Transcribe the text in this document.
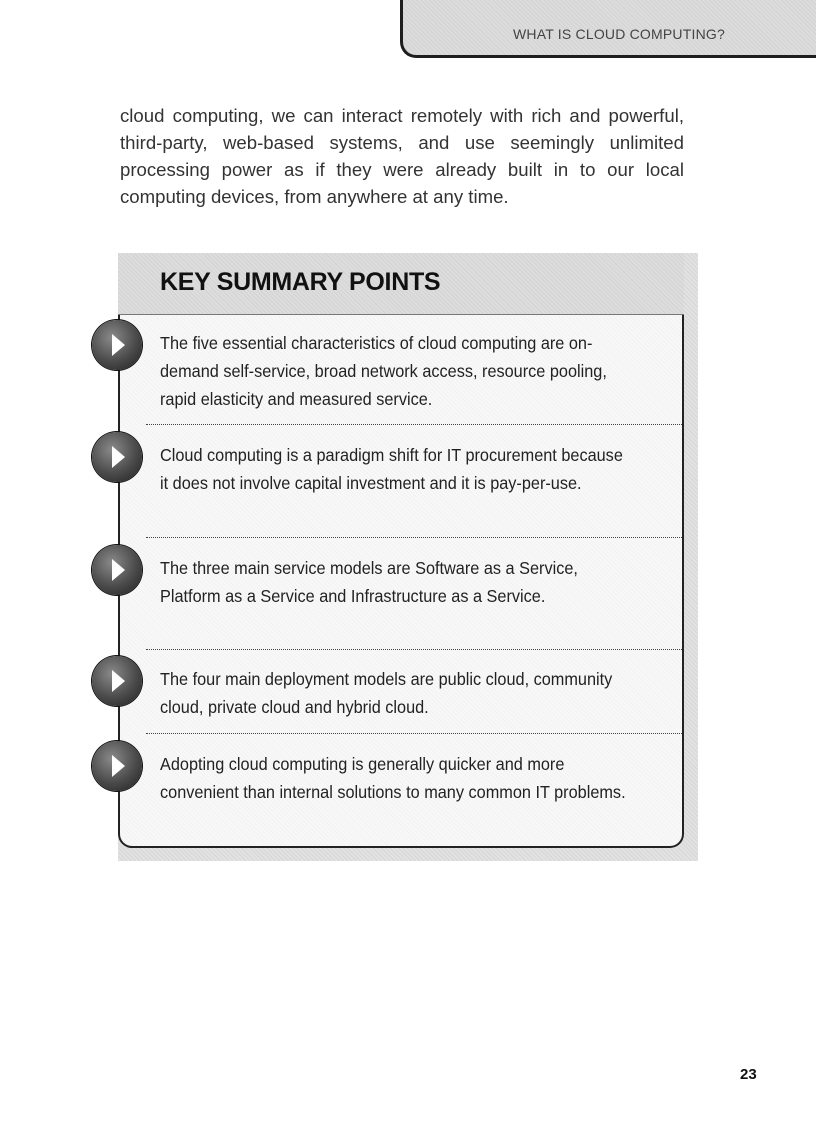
WHAT IS CLOUD COMPUTING?

cloud computing, we can interact remotely with rich and powerful, third-party, web-based systems, and use seemingly unlimited processing power as if they were already built in to our local computing devices, from anywhere at any time.

KEY SUMMARY POINTS
The five essential characteristics of cloud computing are on-demand self-service, broad network access, resource pooling, rapid elasticity and measured service.
Cloud computing is a paradigm shift for IT procurement because it does not involve capital investment and it is pay-per-use.
The three main service models are Software as a Service, Platform as a Service and Infrastructure as a Service.
The four main deployment models are public cloud, community cloud, private cloud and hybrid cloud.
Adopting cloud computing is generally quicker and more convenient than internal solutions to many common IT problems.
23
